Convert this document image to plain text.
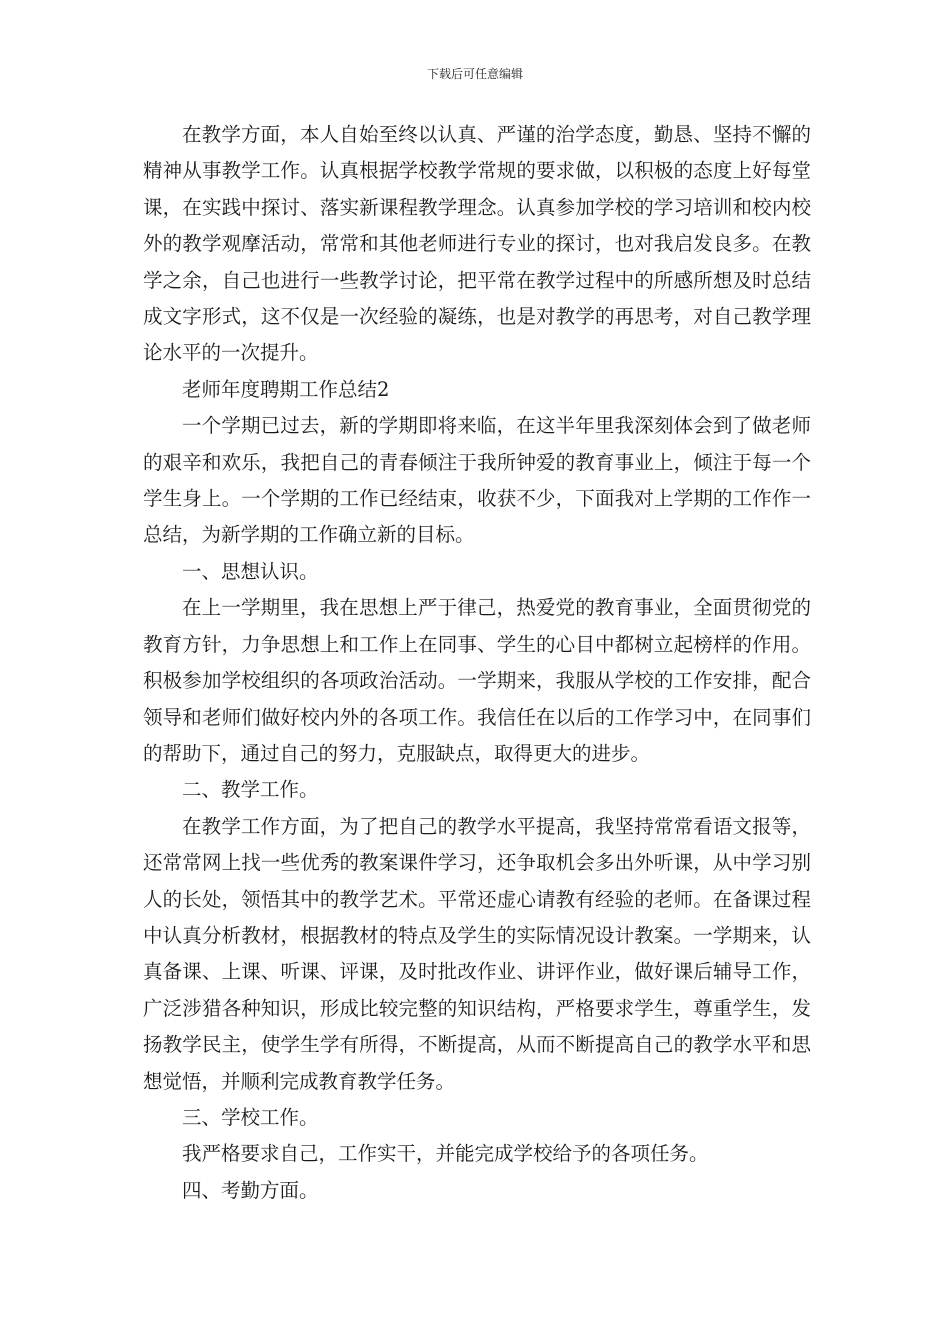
下载后可任意编辑

在教学方面，本人自始至终以认真、严谨的治学态度，勤恳、坚持不懈的精神从事教学工作。认真根据学校教学常规的要求做，以积极的态度上好每堂课，在实践中探讨、落实新课程教学理念。认真参加学校的学习培训和校内校外的教学观摩活动，常常和其他老师进行专业的探讨，也对我启发良多。在教学之余，自己也进行一些教学讨论，把平常在教学过程中的所感所想及时总结成文字形式，这不仅是一次经验的凝练，也是对教学的再思考，对自己教学理论水平的一次提升。

老师年度聘期工作总结2

一个学期已过去，新的学期即将来临，在这半年里我深刻体会到了做老师的艰辛和欢乐，我把自己的青春倾注于我所钟爱的教育事业上，倾注于每一个学生身上。一个学期的工作已经结束，收获不少，下面我对上学期的工作作一总结，为新学期的工作确立新的目标。

一、思想认识。

在上一学期里，我在思想上严于律己，热爱党的教育事业，全面贯彻党的教育方针，力争思想上和工作上在同事、学生的心目中都树立起榜样的作用。积极参加学校组织的各项政治活动。一学期来，我服从学校的工作安排，配合领导和老师们做好校内外的各项工作。我信任在以后的工作学习中，在同事们的帮助下，通过自己的努力，克服缺点，取得更大的进步。

二、教学工作。

在教学工作方面，为了把自己的教学水平提高，我坚持常常看语文报等，还常常网上找一些优秀的教案课件学习，还争取机会多出外听课，从中学习别人的长处，领悟其中的教学艺术。平常还虚心请教有经验的老师。在备课过程中认真分析教材，根据教材的特点及学生的实际情况设计教案。一学期来，认真备课、上课、听课、评课，及时批改作业、讲评作业，做好课后辅导工作，广泛涉猎各种知识，形成比较完整的知识结构，严格要求学生，尊重学生，发扬教学民主，使学生学有所得，不断提高，从而不断提高自己的教学水平和思想觉悟，并顺利完成教育教学任务。

三、学校工作。

我严格要求自己，工作实干，并能完成学校给予的各项任务。

四、考勤方面。
